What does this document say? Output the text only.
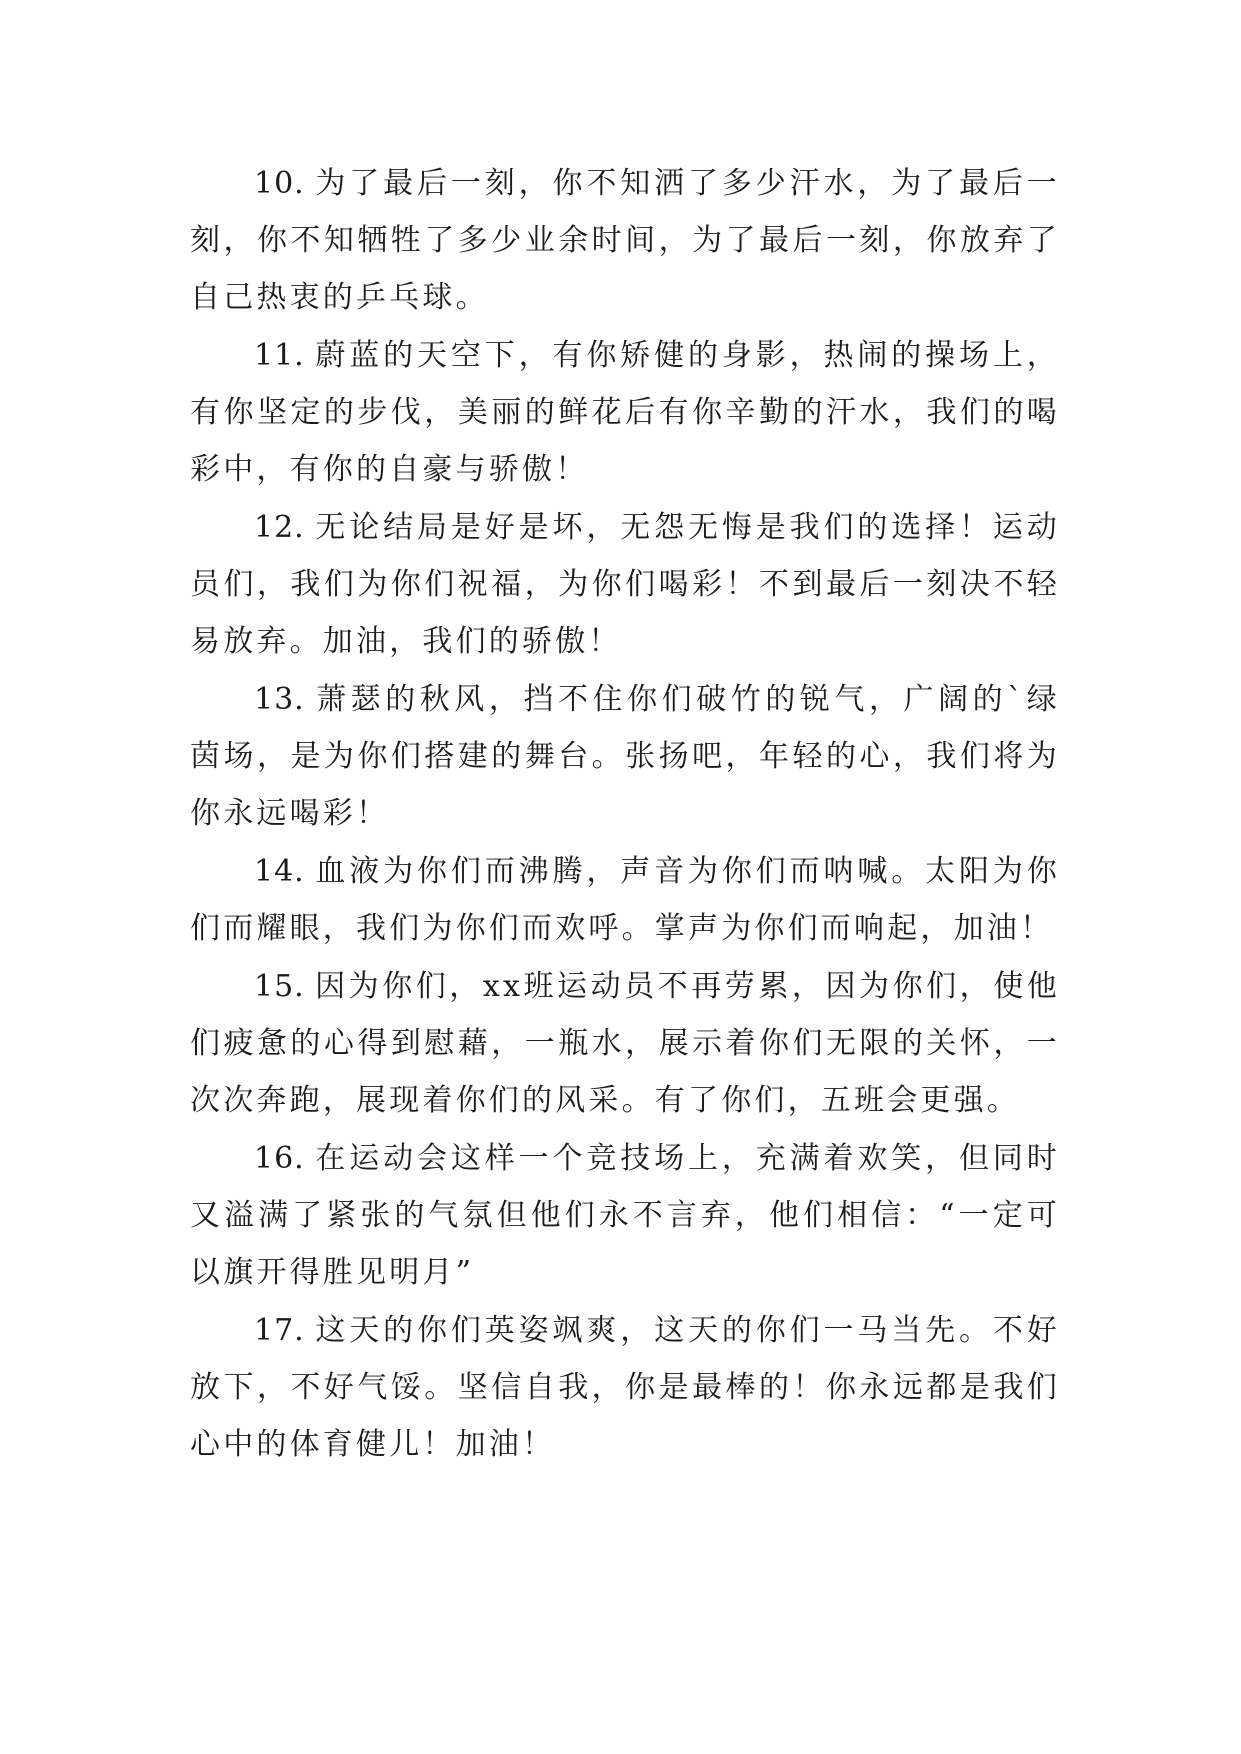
10. 为了最后一刻，你不知洒了多少汗水，为了最后一刻，你不知牺牲了多少业余时间，为了最后一刻，你放弃了自己热衷的乒乓球。

11. 蔚蓝的天空下，有你矫健的身影，热闹的操场上，有你坚定的步伐，美丽的鲜花后有你辛勤的汗水，我们的喝彩中，有你的自豪与骄傲！

12. 无论结局是好是坏，无怨无悔是我们的选择！运动员们，我们为你们祝福，为你们喝彩！不到最后一刻决不轻易放弃。加油，我们的骄傲！

13. 萧瑟的秋风，挡不住你们破竹的锐气，广阔的`绿茵场，是为你们搭建的舞台。张扬吧，年轻的心，我们将为你永远喝彩！

14. 血液为你们而沸腾，声音为你们而呐喊。太阳为你们而耀眼，我们为你们而欢呼。掌声为你们而响起，加油！

15. 因为你们，xx班运动员不再劳累，因为你们，使他们疲惫的心得到慰藉，一瓶水，展示着你们无限的关怀，一次次奔跑，展现着你们的风采。有了你们，五班会更强。

16. 在运动会这样一个竞技场上，充满着欢笑，但同时又溢满了紧张的气氛但他们永不言弃，他们相信：“一定可以旗开得胜见明月”

17. 这天的你们英姿飒爽，这天的你们一马当先。不好放下，不好气馁。坚信自我，你是最棒的！你永远都是我们心中的体育健儿！加油！
